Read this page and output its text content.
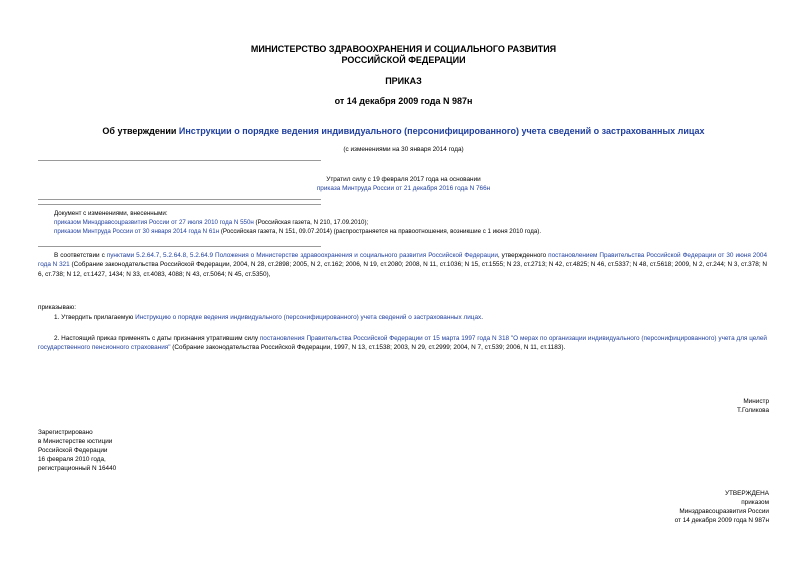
МИНИСТЕРСТВО ЗДРАВООХРАНЕНИЯ И СОЦИАЛЬНОГО РАЗВИТИЯ
РОССИЙСКОЙ ФЕДЕРАЦИИ
ПРИКАЗ
от 14 декабря 2009 года N 987н
Об утверждении Инструкции о порядке ведения индивидуального (персонифицированного) учета сведений о застрахованных лицах
(с изменениями на 30 января 2014 года)
Утратил силу с 19 февраля 2017 года на основании
приказа Минтруда России от 21 декабря 2016 года N 766н
Документ с изменениями, внесенными:
приказом Минздравсоцразвития России от 27 июля 2010 года N 550н (Российская газета, N 210, 17.09.2010);
приказом Минтруда России от 30 января 2014 года N 61н (Российская газета, N 151, 09.07.2014) (распространяется на правоотношения, возникшие с 1 июня 2010 года).
В соответствии с пунктами 5.2.64.7, 5.2.64.8, 5.2.64.9 Положения о Министерстве здравоохранения и социального развития Российской Федерации, утвержденного постановлением Правительства Российской Федерации от 30 июня 2004 года N 321 (Собрание законодательства Российской Федерации, 2004, N 28, ст.2898; 2005, N 2, ст.162; 2006, N 19, ст.2080; 2008, N 11, ст.1036; N 15, ст.1555; N 23, ст.2713; N 42, ст.4825; N 46, ст.5337; N 48, ст.5618; 2009, N 2, ст.244; N 3, ст.378; N 6, ст.738; N 12, ст.1427, 1434; N 33, ст.4083, 4088; N 43, ст.5064; N 45, ст.5350),
приказываю:
1. Утвердить прилагаемую Инструкцию о порядке ведения индивидуального (персонифицированного) учета сведений о застрахованных лицах.
2. Настоящий приказ применять с даты признания утратившим силу постановления Правительства Российской Федерации от 15 марта 1997 года N 318 "О мерах по организации индивидуального (персонифицированного) учета для целей государственного пенсионного страхования" (Собрание законодательства Российской Федерации, 1997, N 13, ст.1538; 2003, N 29, ст.2999; 2004, N 7, ст.539; 2006, N 11, ст.1183).
Министр
Т.Голикова
Зарегистрировано
в Министерстве юстиции
Российской Федерации
16 февраля 2010 года,
регистрационный N 16440
УТВЕРЖДЕНА
приказом
Минздравсоцразвития России
от 14 декабря 2009 года N 987н
